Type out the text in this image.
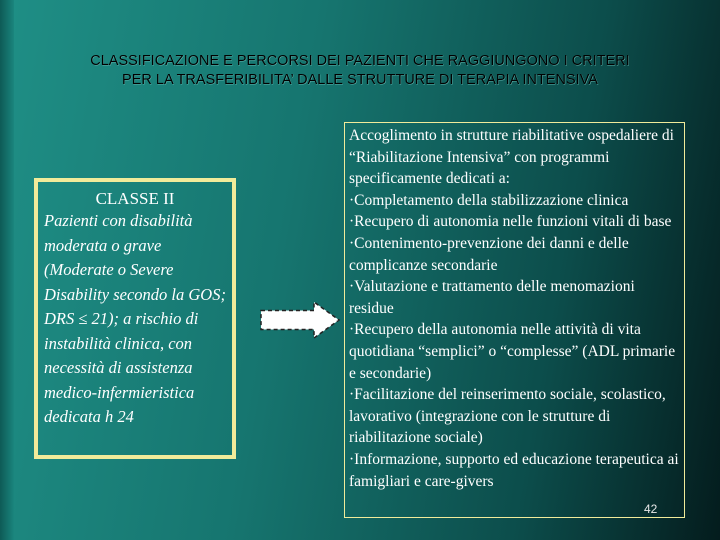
CLASSIFICAZIONE E PERCORSI DEI PAZIENTI CHE RAGGIUNGONO I CRITERI
PER LA TRASFERIBILITA’ DALLE STRUTTURE DI TERAPIA INTENSIVA
CLASSE II
Pazienti con disabilità moderata o grave (Moderate o Severe Disability secondo la GOS; DRS ≤ 21); a rischio di instabilità clinica, con necessità di assistenza medico-infermieristica dedicata h 24
Accoglimento in strutture riabilitative ospedaliere di “Riabilitazione Intensiva” con programmi specificamente dedicati a:
·Completamento della stabilizzazione clinica
·Recupero di autonomia nelle funzioni vitali di base
·Contenimento-prevenzione dei danni e delle complicanze secondarie
·Valutazione e trattamento delle menomazioni residue
·Recupero della autonomia nelle attività di vita quotidiana “semplici” o “complesse” (ADL primarie e secondarie)
·Facilitazione del reinserimento sociale, scolastico, lavorativo (integrazione con le strutture di riabilitazione sociale)
·Informazione, supporto ed educazione terapeutica ai famigliari e care-givers
42
